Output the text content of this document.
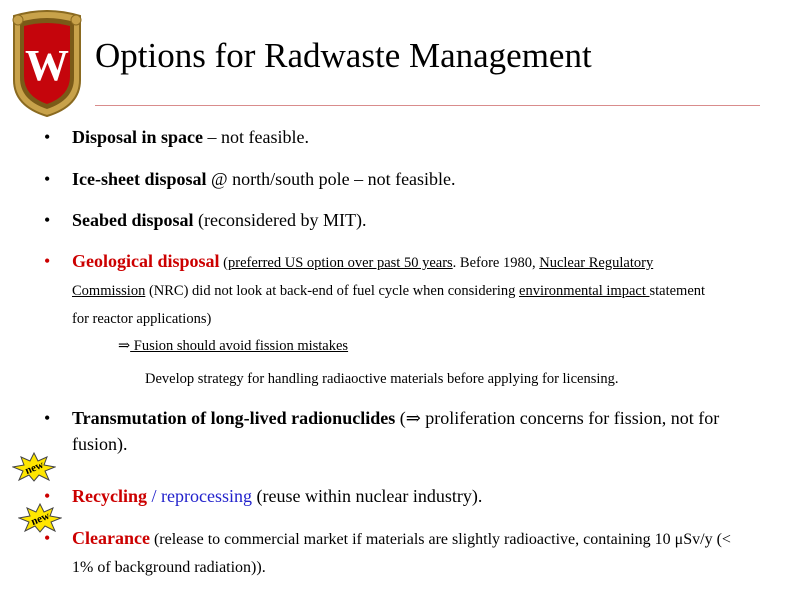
W Options for Radwaste Management
• Disposal in space – not feasible.
• Ice-sheet disposal @ north/south pole – not feasible.
• Seabed disposal (reconsidered by MIT).
• Geological disposal (preferred US option over past 50 years. Before 1980, Nuclear Regulatory Commission (NRC) did not look at back-end of fuel cycle when considering environmental impact statement for reactor applications)
⇒ Fusion should avoid fission mistakes
Develop strategy for handling radiaoctive materials before applying for licensing.
• Transmutation of long-lived radionuclides (⇒ proliferation concerns for fission, not for fusion).
new
• Recycling / reprocessing (reuse within nuclear industry).
new
• Clearance (release to commercial market if materials are slightly radioactive, containing 10 μSv/y (< 1% of background radiation)).
